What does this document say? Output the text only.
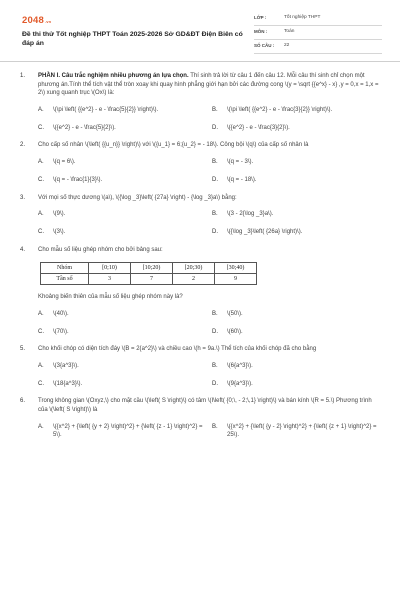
2048.vn
Đề thi thử Tốt nghiệp THPT Toán 2025-2026 Sở GD&ĐT Điện Biên có đáp án
LỚP :	Tốt nghiệp THPT
MÔN :	Toán
SỐ CÂU :	22
1. PHẦN I. Câu trắc nghiệm nhiều phương án lựa chọn. Thí sinh trả lời từ câu 1 đến câu 12. Mỗi câu thí sinh chỉ chọn một phương án.Tính thể tích vật thể tròn xoay khi quay hình phẳng giới hạn bởi các đường cong \(y = \sqrt {{e^x} - x} ,y = 0,x = 1,x = 2\) xung quanh trục \(Ox\) là:
A.	\(\pi \left( {{e^2} - e - \frac{5}{2}} \right)\).	B.	\(\pi \left( {{e^2} - e - \frac{3}{2}} \right)\).
C.	\({e^2} - e - \frac{5}{2}\).	D.	\({e^2} - e - \frac{3}{2}\).
2. Cho cấp số nhân \(\left( {{u_n}} \right)\) với \({u_1} = 6;{u_2} = - 18\). Công bội \(q\) của cấp số nhân là
A.	\(q = 6\).	B.	\(q = - 3\).
C.	\(q = - \frac{1}{3}\).	D.	\(q = - 18\).
3. Với mọi số thực dương \(a\), \({\log _3}\left( {27a} \right) - {\log _3}a\) bằng:
A.	\(9\).	B.	\(3 - 2{\log _3}a\).
C.	\(3\).	D.	\({\log _3}\left( {26a} \right)\).
4. Cho mẫu số liệu ghép nhóm cho bởi bảng sau:
Nhóm	[0;10)	[10;20)	[20;30)	[30;40)
Tần số	3	7	2	9
Khoảng biến thiên của mẫu số liệu ghép nhóm này là?
A.	\(40\).	B.	\(50\).
C.	\(70\).	D.	\(60\).
5. Cho khối chóp có diện tích đáy \(B = 2{a^2}\) và chiều cao \(h = 9a.\) Thể tích của khối chóp đã cho bằng
A.	\(3{a^3}\).	B.	\(6{a^3}\).
C.	\(18{a^3}\).	D.	\(9{a^3}\).
6. Trong không gian \(Oxyz,\) cho mặt cầu \(\left( S \right)\) có tâm \(I\left( {0;\, - 2;\,1} \right)\) và bán kính \(R = 5.\) Phương trình của \(\left( S \right)\) là
A.	\({x^2} + {\left( {y + 2} \right)^2} + {\left( {z - 1} \right)^2} = 5\).
B.	\({x^2} + {\left( {y - 2} \right)^2} + {\left( {z + 1} \right)^2} = 25\).
